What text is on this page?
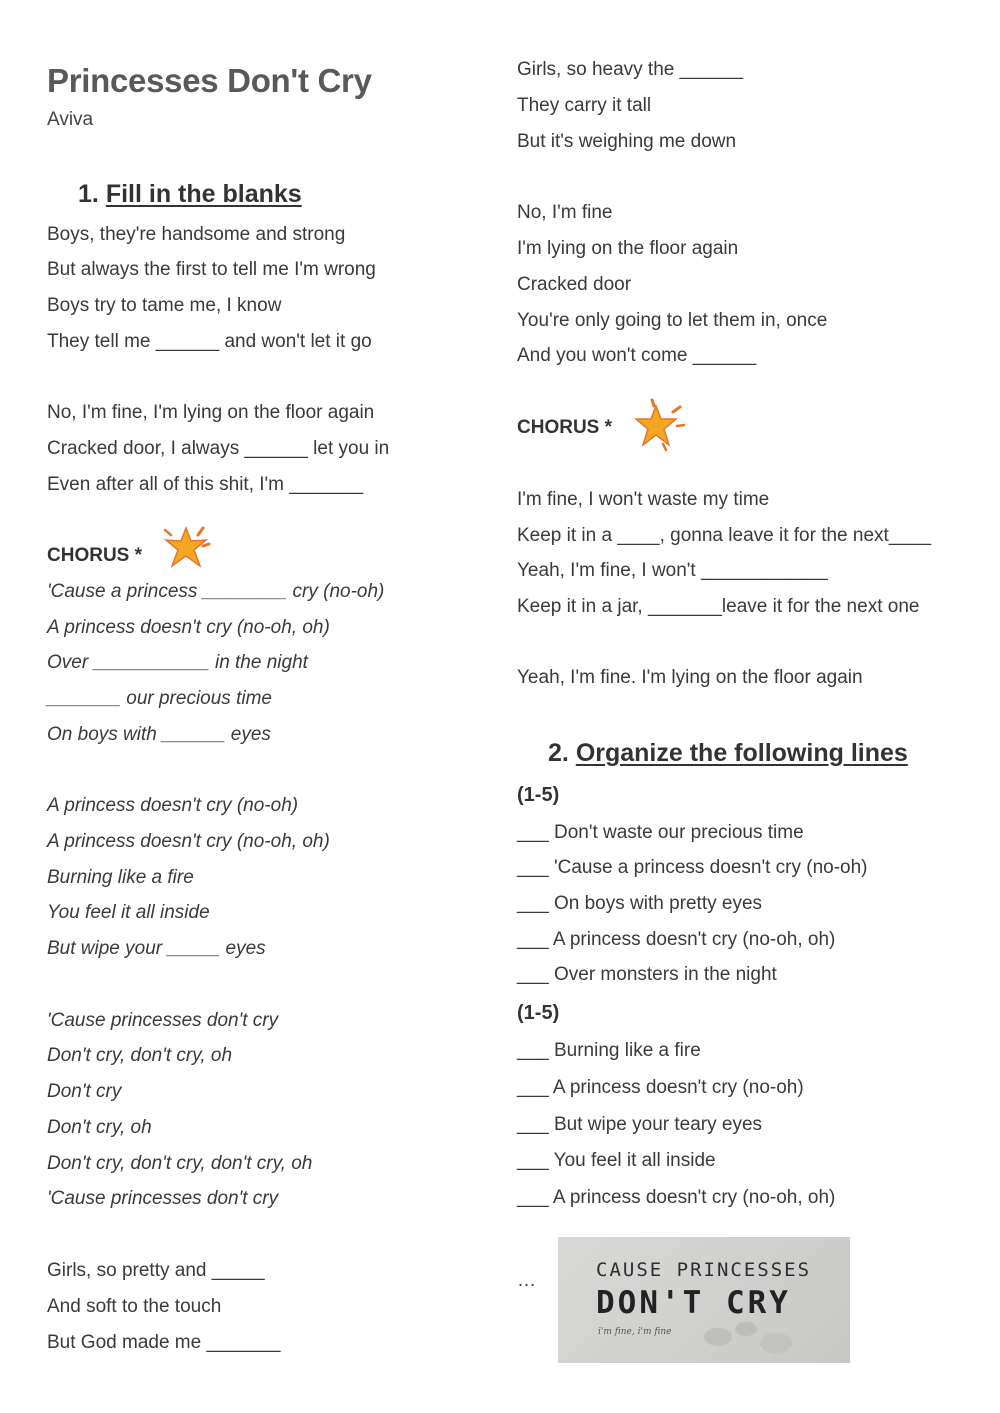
Princesses Don't Cry
Aviva
1. Fill in the blanks
Boys, they're handsome and strong
But always the first to tell me I'm wrong
Boys try to tame me, I know
They tell me ______ and won't let it go
No, I'm fine, I'm lying on the floor again
Cracked door, I always ______ let you in
Even after all of this shit, I'm _______
CHORUS *
'Cause a princess ________ cry (no-oh)
A princess doesn't cry (no-oh, oh)
Over ___________ in the night
_______ our precious time
On boys with ______ eyes
A princess doesn't cry (no-oh)
A princess doesn't cry (no-oh, oh)
Burning like a fire
You feel it all inside
But wipe your _____ eyes
'Cause princesses don't cry
Don't cry, don't cry, oh
Don't cry
Don't cry, oh
Don't cry, don't cry, don't cry, oh
'Cause princesses don't cry
Girls, so pretty and _____
And soft to the touch
But God made me _______
Girls, so heavy the ______
They carry it tall
But it's weighing me down
No, I'm fine
I'm lying on the floor again
Cracked door
You're only going to let them in, once
And you won't come ______
CHORUS *
I'm fine, I won't waste my time
Keep it in a ____, gonna leave it for the next____
Yeah, I'm fine, I won't ____________
Keep it in a jar, _______leave it for the next one
Yeah, I'm fine. I'm lying on the floor again
2. Organize the following lines
(1-5)
___ Don't waste our precious time
___ 'Cause a princess doesn't cry (no-oh)
___ On boys with pretty eyes
___ A princess doesn't cry (no-oh, oh)
___ Over monsters in the night
(1-5)
___ Burning like a fire
___ A princess doesn't cry (no-oh)
___ But wipe your teary eyes
___ You feel it all inside
___ A princess doesn't cry (no-oh, oh)
…	CAUSE PRINCESSES
DON'T CRY
i'm fine, i'm fine
